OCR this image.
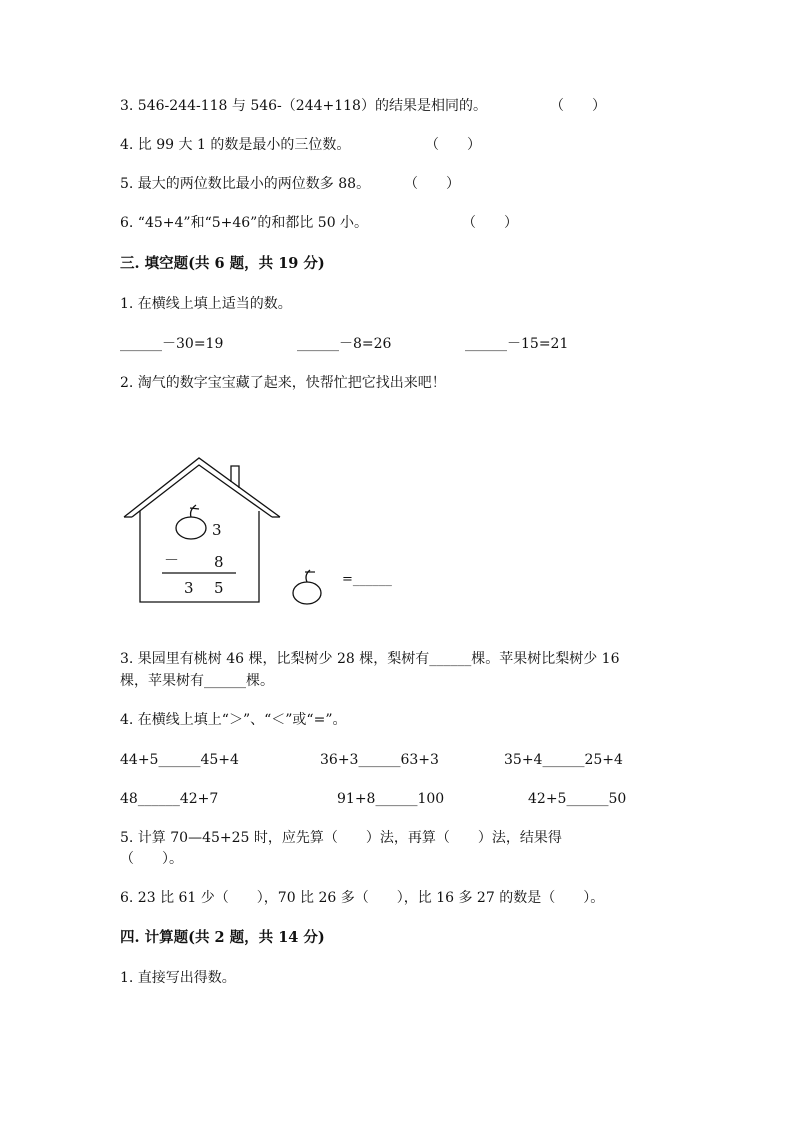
3. 546-244-118 与 546-（244+118）的结果是相同的。	（　　）
4. 比 99 大 1 的数是最小的三位数。	（　　）
5. 最大的两位数比最小的两位数多 88。 （　　）
6. “45+4”和“5+46”的和都比 50 小。	（　　）
三. 填空题(共 6 题，共 19 分)
1. 在横线上填上适当的数。
______－30=19	______－8=26	______－15=21
2. 淘气的数字宝宝藏了起来，快帮忙把它找出来吧！
3
－ 8
3 5	=______
3. 果园里有桃树 46 棵，比梨树少 28 棵，梨树有______棵。苹果树比梨树少 16
棵，苹果树有______棵。
4. 在横线上填上“＞”、“＜”或“=”。
44+5______45+4	36+3______63+3	35+4______25+4
48______42+7	91+8______100	42+5______50
5. 计算 70—45+25 时，应先算（　　）法，再算（　　）法，结果得
（　　）。
6. 23 比 61 少（　　），70 比 26 多（　　），比 16 多 27 的数是（　　）。
四. 计算题(共 2 题，共 14 分)
1. 直接写出得数。
